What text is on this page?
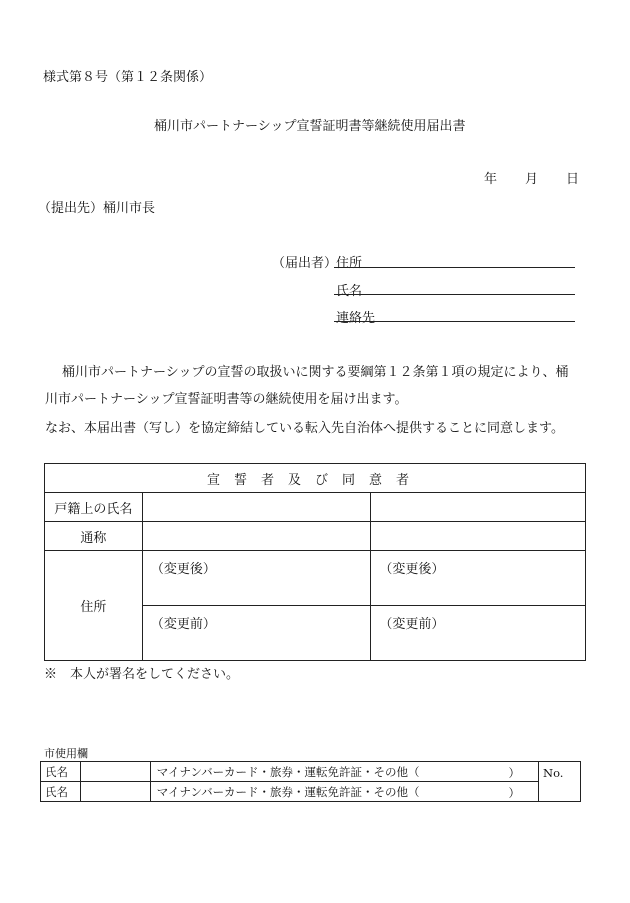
様式第８号（第１２条関係）
桶川市パートナーシップ宣誓証明書等継続使用届出書
年 月 日
（提出先）桶川市長
（届出者）
住所
氏名
連絡先
桶川市パートナーシップの宣誓の取扱いに関する要綱第１２条第１項の規定により、桶
川市パートナーシップ宣誓証明書等の継続使用を届け出ます。
なお、本届出書（写し）を協定締結している転入先自治体へ提供することに同意します。
宣誓者及び同意者		
戸籍上の氏名		
通称		
住所	（変更後）	（変更後）
	（変更前）	（変更前）
※　本人が署名をしてください。
市使用欄
氏名		マイナンバーカード・旅券・運転免許証・その他（ ）	No.
氏名		マイナンバーカード・旅券・運転免許証・その他（ ）	
